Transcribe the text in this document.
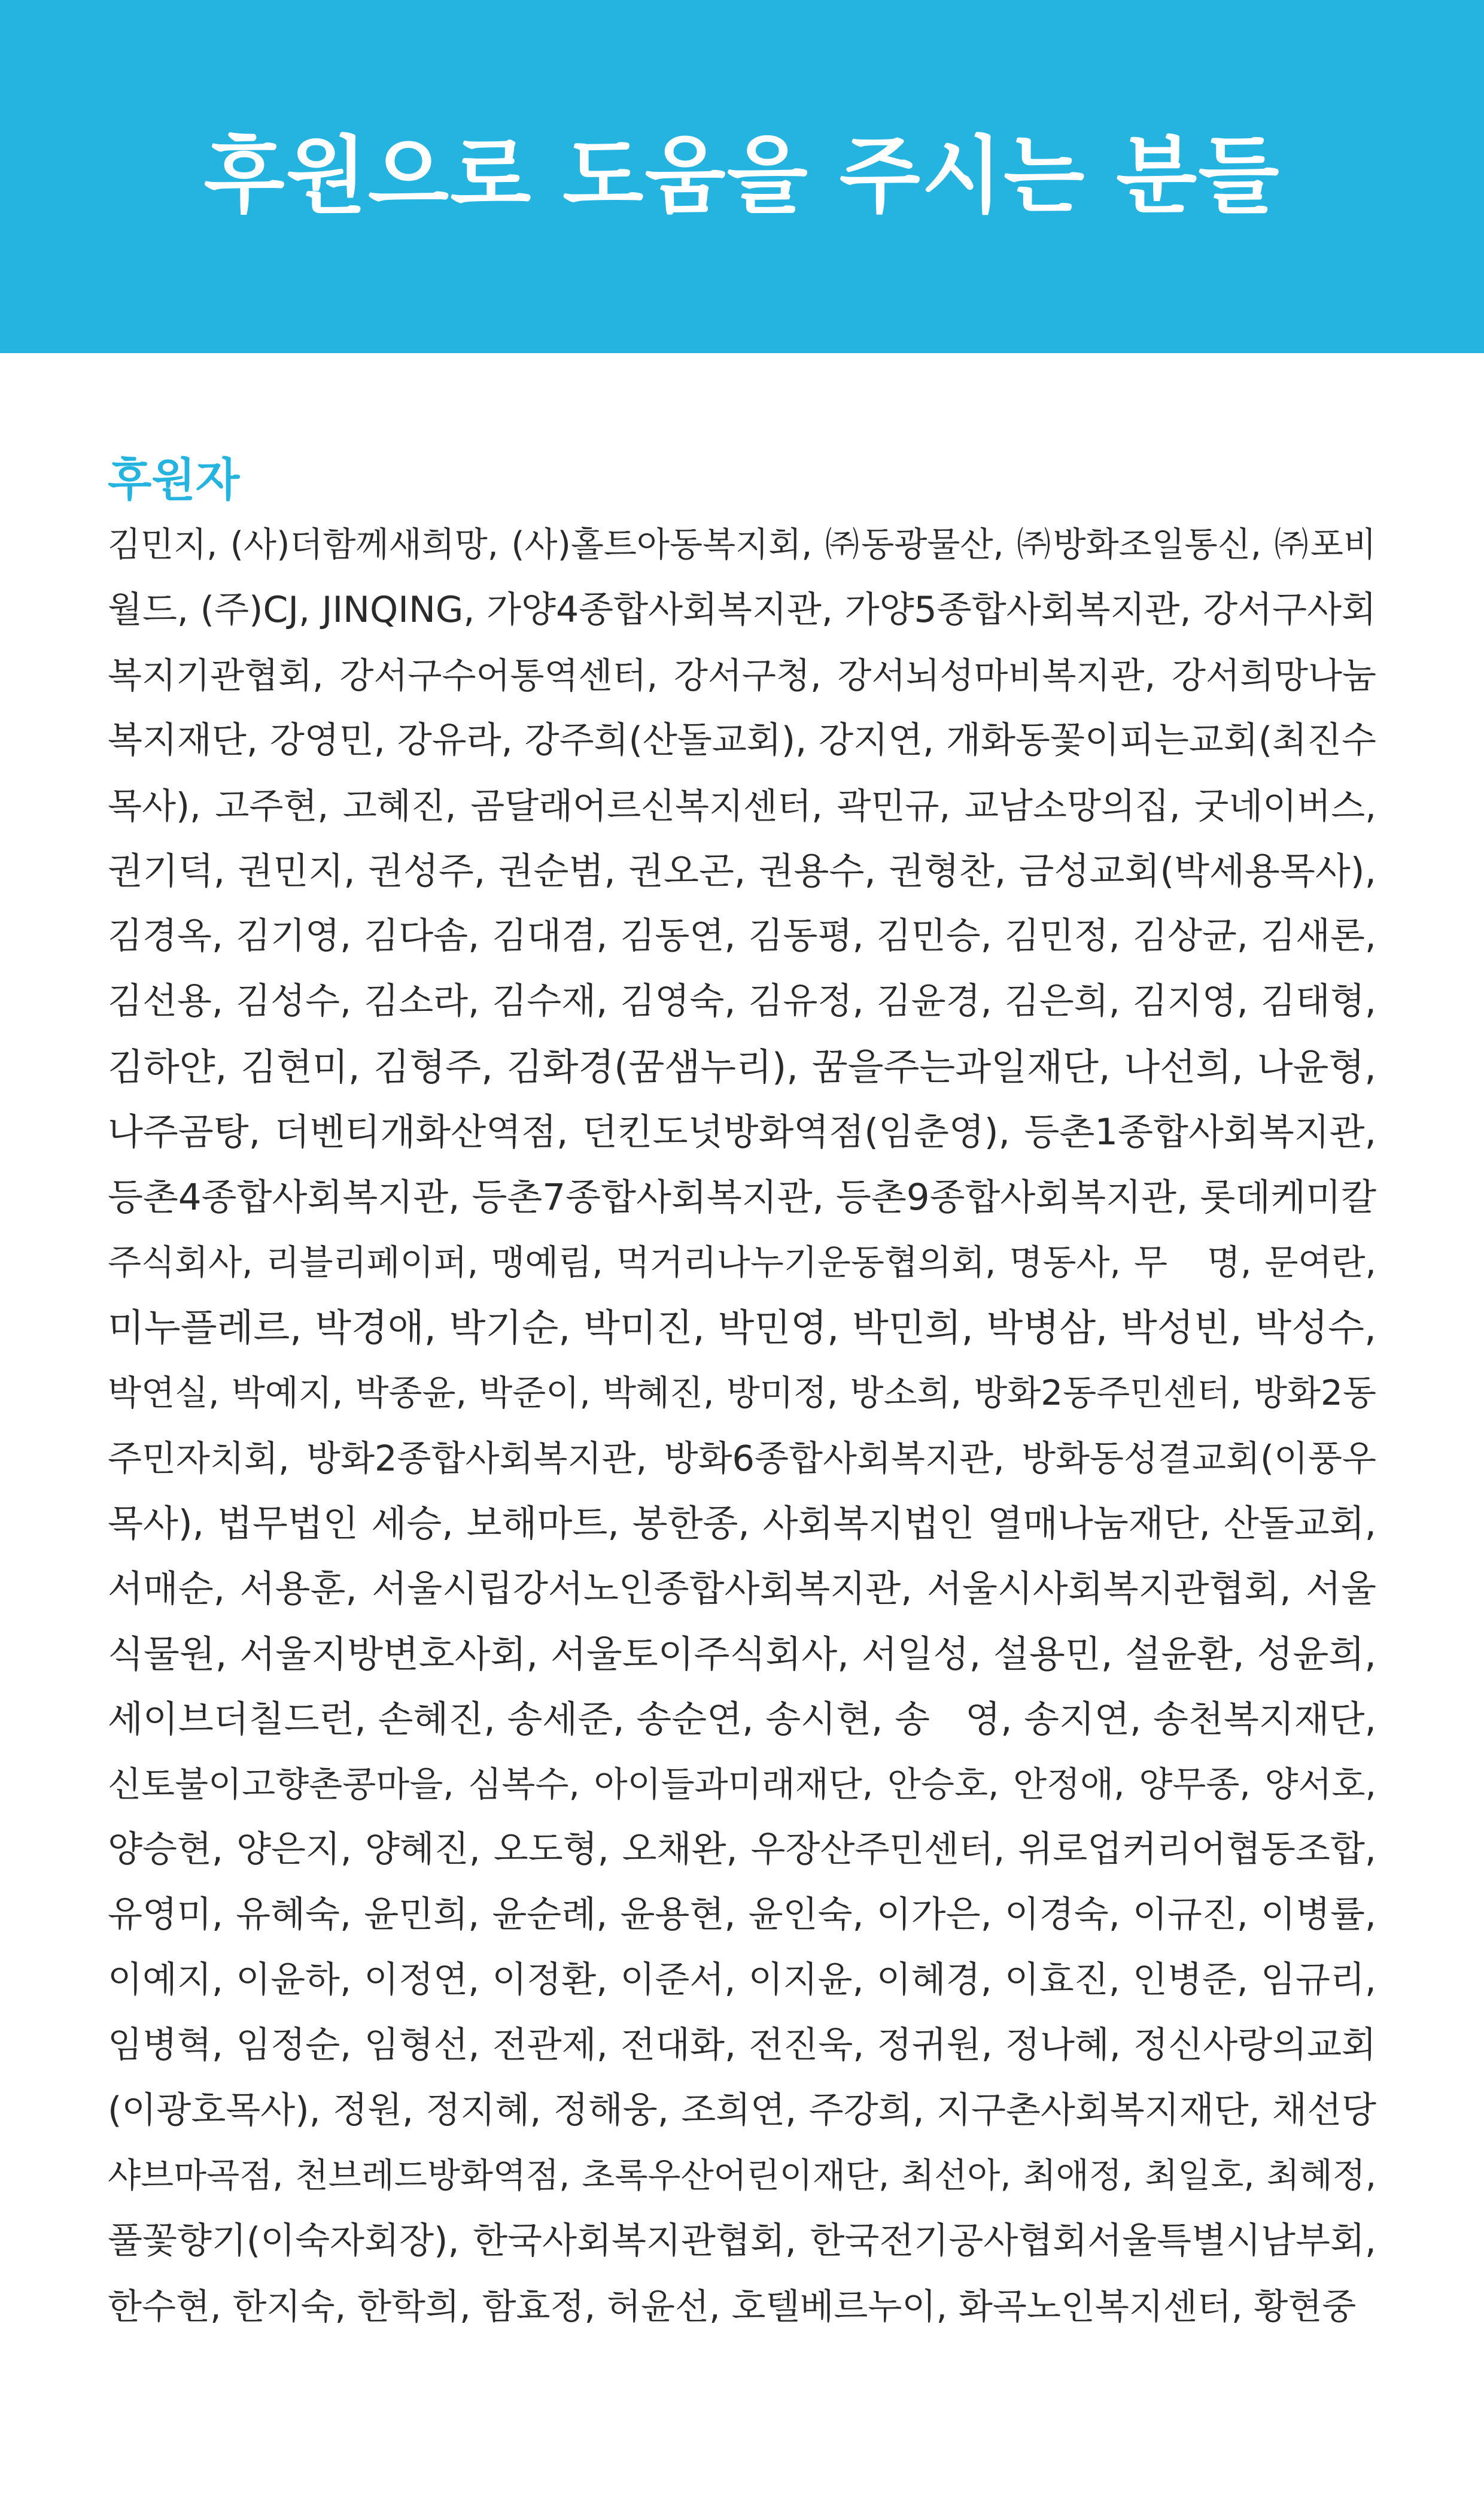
후원으로 도움을 주시는 분들
후원자
김민지, (사)더함께새희망, (사)홀트아동복지회, ㈜동광물산, ㈜방화조일통신, ㈜포비
월드, (주)CJ, JINQING, 가양4종합사회복지관, 가양5종합사회복지관, 강서구사회
복지기관협회, 강서구수어통역센터, 강서구청, 강서뇌성마비복지관, 강서희망나눔
복지재단, 강영민, 강유라, 강주희(산돌교회), 강지연, 개화동꽃이피는교회(최진수
목사), 고주현, 고혜진, 곰달래어르신복지센터, 곽민규, 교남소망의집, 굿네이버스,
권기덕, 권민지, 권성주, 권순범, 권오곤, 권용수, 권형찬, 금성교회(박세용목사),
김경옥, 김기영, 김다솜, 김대겸, 김동연, 김동평, 김민승, 김민정, 김상균, 김새론,
김선용, 김성수, 김소라, 김수재, 김영숙, 김유정, 김윤경, 김은희, 김지영, 김태형,
김하얀, 김현미, 김형주, 김화경(꿈샘누리), 꿈을주는과일재단, 나선희, 나윤형,
나주곰탕, 더벤티개화산역점, 던킨도넛방화역점(임춘영), 등촌1종합사회복지관,
등촌4종합사회복지관, 등촌7종합사회복지관, 등촌9종합사회복지관, 롯데케미칼
주식회사, 리블리페이퍼, 맹예림, 먹거리나누기운동협의회, 명동사, 무   명, 문여란,
미누플레르, 박경애, 박기순, 박미진, 박민영, 박민희, 박병삼, 박성빈, 박성수,
박연실, 박예지, 박종윤, 박준이, 박혜진, 방미정, 방소희, 방화2동주민센터, 방화2동
주민자치회, 방화2종합사회복지관, 방화6종합사회복지관, 방화동성결교회(이풍우
목사), 법무법인 세승, 보해마트, 봉한종, 사회복지법인 열매나눔재단, 산돌교회,
서매순, 서용훈, 서울시립강서노인종합사회복지관, 서울시사회복지관협회, 서울
식물원, 서울지방변호사회, 서울토이주식회사, 서일성, 설용민, 설윤환, 성윤희,
세이브더칠드런, 손혜진, 송세준, 송순연, 송시현, 송   영, 송지연, 송천복지재단,
신토불이고향촌콩마을, 심복수, 아이들과미래재단, 안승호, 안정애, 양무종, 양서호,
양승현, 양은지, 양혜진, 오도형, 오채완, 우장산주민센터, 위로업커리어협동조합,
유영미, 유혜숙, 윤민희, 윤순례, 윤용현, 윤인숙, 이가은, 이경숙, 이규진, 이병률,
이예지, 이윤하, 이정연, 이정환, 이준서, 이지윤, 이혜경, 이효진, 인병준, 임규리,
임병혁, 임정순, 임형선, 전관제, 전대화, 전진욱, 정귀원, 정나혜, 정신사랑의교회
(이광호목사), 정원, 정지혜, 정해웅, 조희연, 주강희, 지구촌사회복지재단, 채선당
샤브마곡점, 천브레드방화역점, 초록우산어린이재단, 최선아, 최애정, 최일호, 최혜정,
풀꽃향기(이숙자회장), 한국사회복지관협회, 한국전기공사협회서울특별시남부회,
한수현, 한지숙, 한학희, 함효정, 허윤선, 호텔베르누이, 화곡노인복지센터, 황현중
